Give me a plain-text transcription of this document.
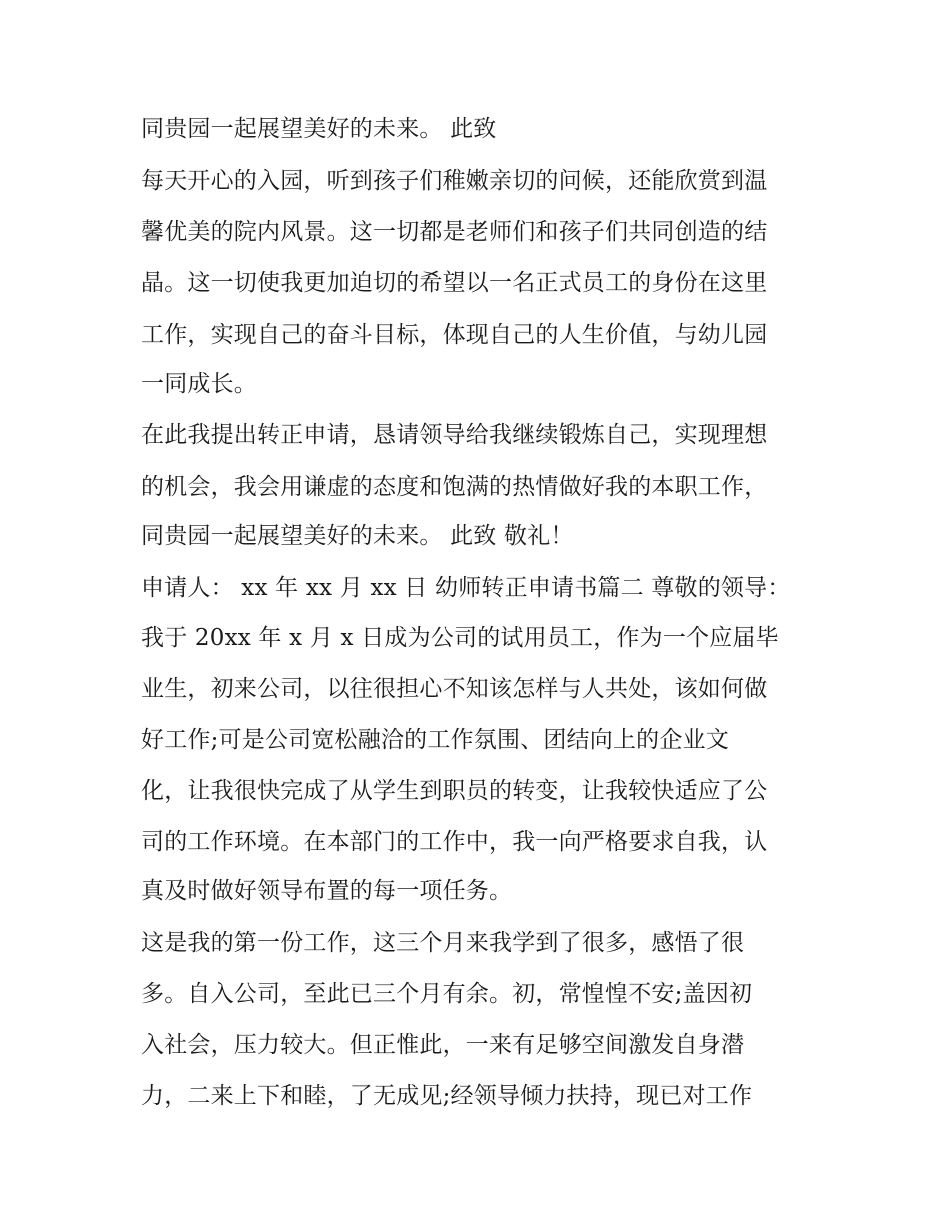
同贵园一起展望美好的未来。 此致
每天开心的入园，听到孩子们稚嫩亲切的问候，还能欣赏到温
馨优美的院内风景。这一切都是老师们和孩子们共同创造的结
晶。这一切使我更加迫切的希望以一名正式员工的身份在这里
工作，实现自己的奋斗目标，体现自己的人生价值，与幼儿园
一同成长。
在此我提出转正申请，恳请领导给我继续锻炼自己，实现理想
的机会，我会用谦虚的态度和饱满的热情做好我的本职工作，
同贵园一起展望美好的未来。 此致 敬礼！
申请人： xx 年 xx 月 xx 日 幼师转正申请书篇二 尊敬的领导：
我于 20xx 年 x 月 x 日成为公司的试用员工，作为一个应届毕
业生，初来公司，以往很担心不知该怎样与人共处，该如何做
好工作;可是公司宽松融洽的工作氛围、团结向上的企业文
化，让我很快完成了从学生到职员的转变，让我较快适应了公
司的工作环境。在本部门的工作中，我一向严格要求自我，认
真及时做好领导布置的每一项任务。
这是我的第一份工作，这三个月来我学到了很多，感悟了很
多。自入公司，至此已三个月有余。初，常惶惶不安;盖因初
入社会，压力较大。但正惟此，一来有足够空间激发自身潜
力，二来上下和睦，了无成见;经领导倾力扶持，现已对工作
